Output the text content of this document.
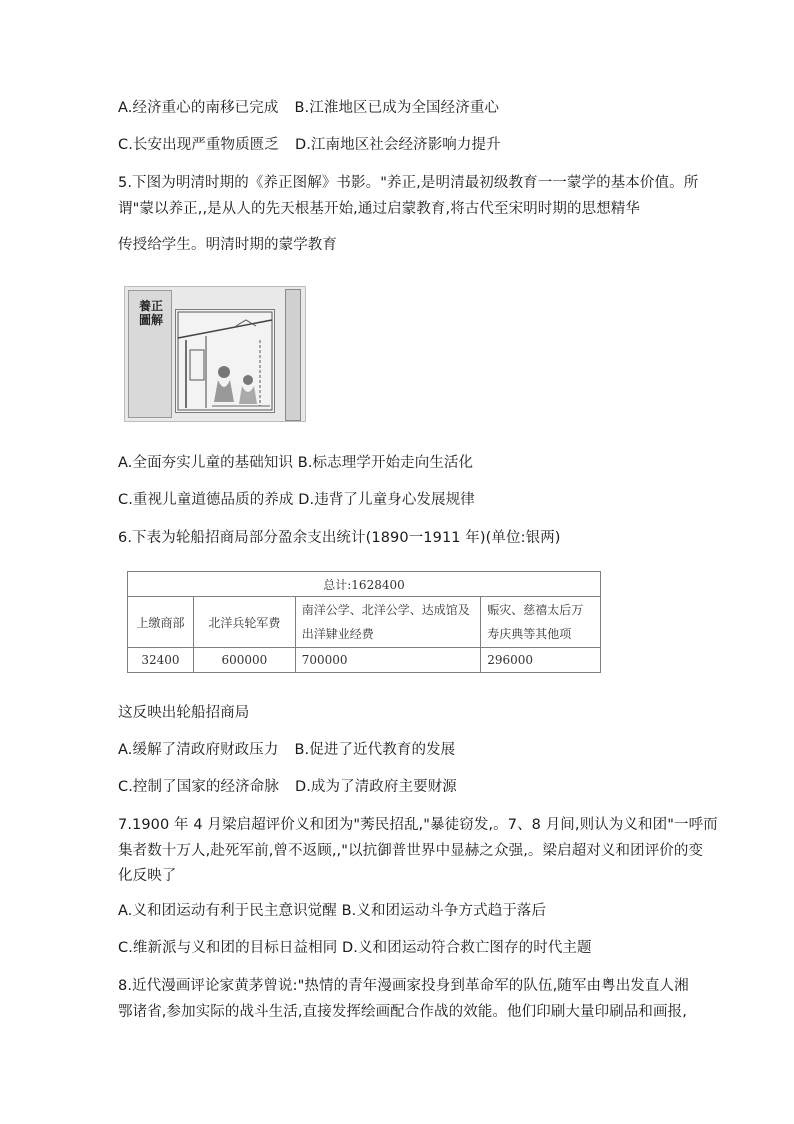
A.经济重心的南移已完成 B.江淮地区已成为全国经济重心
C.长安出现严重物质匮乏 D.江南地区社会经济影响力提升
5.下图为明清时期的《养正图解》书影。"养正,是明清最初级教育一一蒙学的基本价值。所
谓"蒙以养正,,是从人的先天根基开始,通过启蒙教育,将古代至宋明时期的思想精华
传授给学生。明清时期的蒙学教育
養正圖解
A.全面夯实儿童的基础知识 B.标志理学开始走向生活化
C.重视儿童道德品质的养成 D.违背了儿童身心发展规律
6.下表为轮船招商局部分盈余支出统计(1890一1911 年)(单位:银两)
总计:1628400			
上缴商部	北洋兵轮军费	南洋公学、北洋公学、达成馆及出洋肄业经费	赈灾、慈禧太后万寿庆典等其他项
32400	600000	700000	296000
这反映出轮船招商局
A.缓解了清政府财政压力 B.促进了近代教育的发展
C.控制了国家的经济命脉 D.成为了清政府主要财源
7.1900 年 4 月梁启超评价义和团为"莠民招乱,"暴徒窃发,。7、8 月间,则认为义和团"一呼而
集者数十万人,赴死军前,曾不返顾,,"以抗御普世界中显赫之众强,。梁启超对义和团评价的变
化反映了
A.义和团运动有利于民主意识觉醒 B.义和团运动斗争方式趋于落后
C.维新派与义和团的目标日益相同 D.义和团运动符合救亡图存的时代主题
8.近代漫画评论家黄茅曾说:"热情的青年漫画家投身到革命军的队伍,随军由粤出发直人湘
鄂诸省,参加实际的战斗生活,直接发挥绘画配合作战的效能。他们印刷大量印刷品和画报,
